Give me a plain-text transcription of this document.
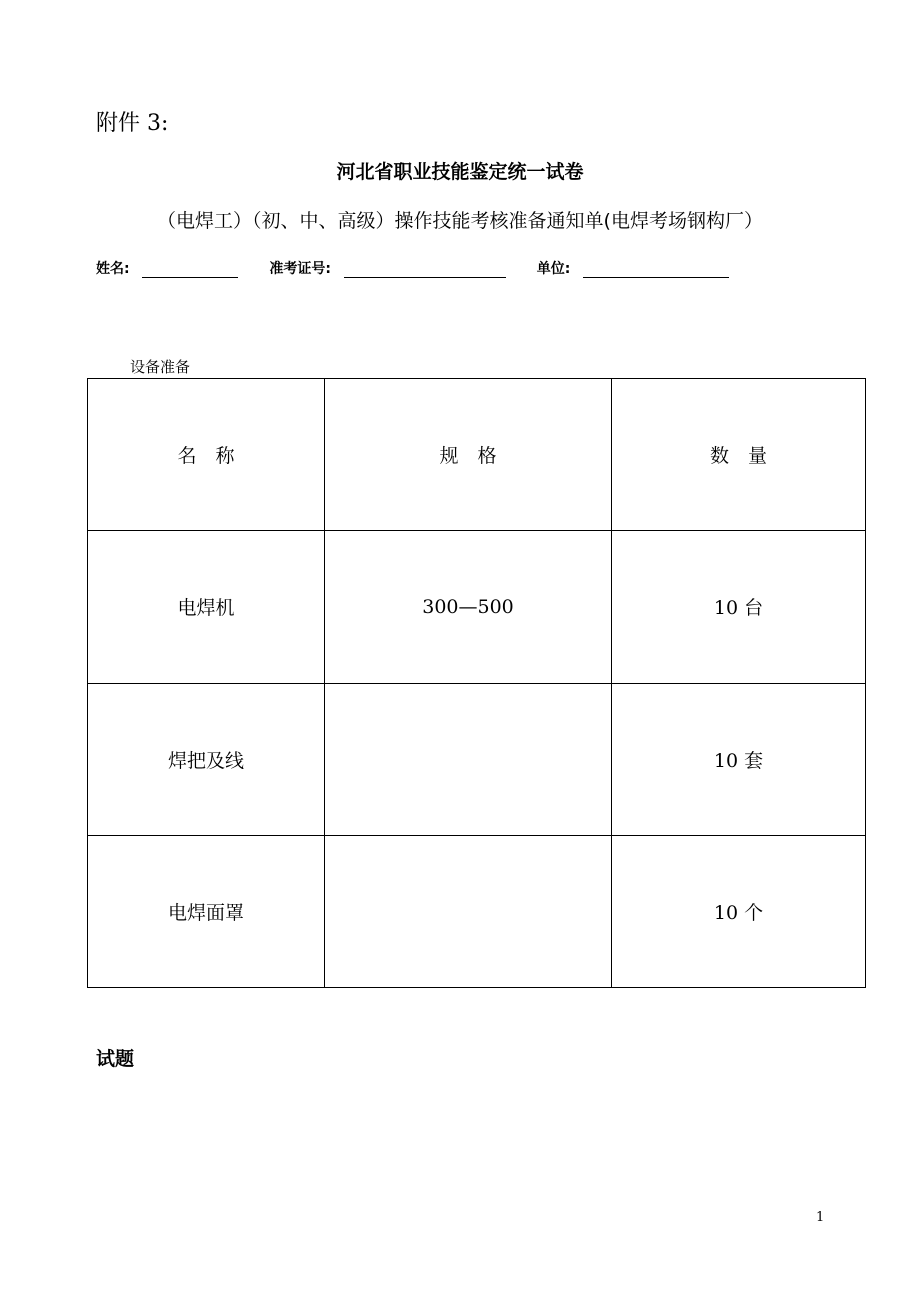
附件 3:
河北省职业技能鉴定统一试卷
（电焊工）（初、中、高级）操作技能考核准备通知单(电焊考场钢构厂）
姓名:	准考证号:	单位:
设备准备
名　称	规　格	数　量
电焊机	300—500	10 台
焊把及线		10 套
电焊面罩		10 个
试题
1
